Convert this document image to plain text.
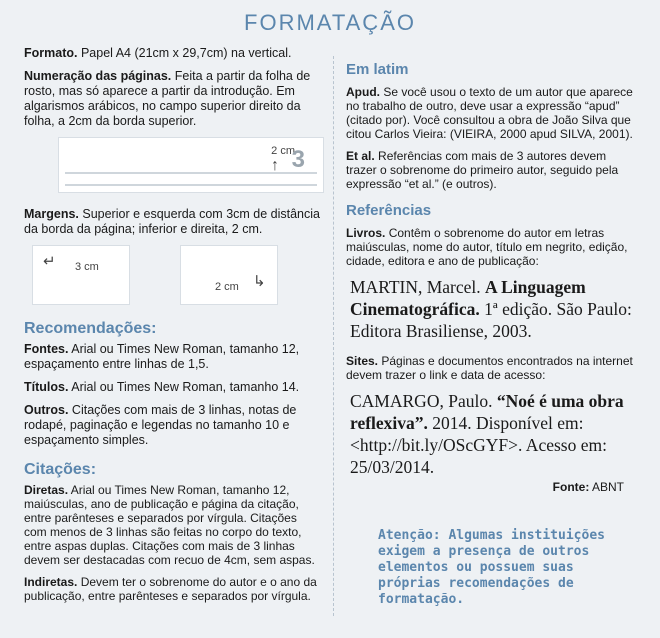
FORMATAÇÃO

Formato. Papel A4 (21cm x 29,7cm) na vertical.

Numeração das páginas. Feita a partir da folha de rosto, mas só aparece a partir da introdução. Em algarismos arábicos, no campo superior direito da folha, a 2cm da borda superior.

2 cm
↑ 3

Margens. Superior e esquerda com 3cm de distância da borda da página; inferior e direita, 2 cm.

↵ 3 cm
2 cm ↳
Recomendações:

Fontes. Arial ou Times New Roman, tamanho 12, espaçamento entre linhas de 1,5.

Títulos. Arial ou Times New Roman, tamanho 14.

Outros. Citações com mais de 3 linhas, notas de rodapé, paginação e legendas no tamanho 10 e espaçamento simples.

Citações:

Diretas. Arial ou Times New Roman, tamanho 12, maiúsculas, ano de publicação e página da citação, entre parênteses e separados por vírgula. Citações com menos de 3 linhas são feitas no corpo do texto, entre aspas duplas. Citações com mais de 3 linhas devem ser destacadas com recuo de 4cm, sem aspas.

Indiretas. Devem ter o sobrenome do autor e o ano da publicação, entre parênteses e separados por vírgula.

Em latim

Apud. Se você usou o texto de um autor que aparece no trabalho de outro, deve usar a expressão “apud” (citado por). Você consultou a obra de João Silva que citou Carlos Vieira: (VIEIRA, 2000 apud SILVA, 2001).

Et al. Referências com mais de 3 autores devem trazer o sobrenome do primeiro autor, seguido pela expressão “et al.” (e outros).

Referências

Livros. Contêm o sobrenome do autor em letras maiúsculas, nome do autor, título em negrito, edição, cidade, editora e ano de publicação:

MARTIN, Marcel. A Linguagem Cinematográfica. 1ª edição. São Paulo: Editora Brasiliense, 2003.

Sites. Páginas e documentos encontrados na internet devem trazer o link e data de acesso:

CAMARGO, Paulo. “Noé é uma obra reflexiva”. 2014. Disponível em: <http://bit.ly/OScGYF>. Acesso em: 25/03/2014.
Fonte: ABNT
Atenção: Algumas instituições exigem a presença de outros elementos ou possuem suas próprias recomendações de formatação.
